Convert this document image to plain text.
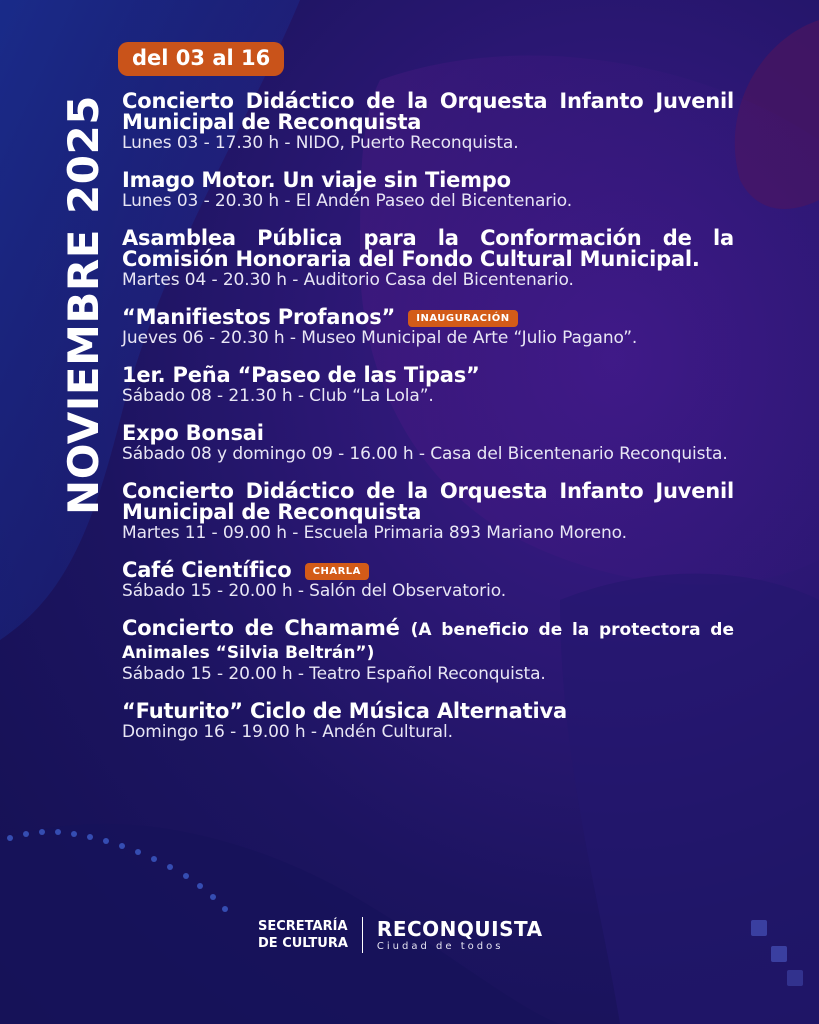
NOVIEMBRE 2025
del 03 al 16
Concierto Didáctico de la Orquesta Infanto Juvenil Municipal de Reconquista
Lunes 03 - 17.30 h - NIDO, Puerto Reconquista.
Imago Motor. Un viaje sin Tiempo
Lunes 03 - 20.30 h - El Andén Paseo del Bicentenario.
Asamblea Pública para la Conformación de la Comisión Honoraria del Fondo Cultural Municipal.
Martes 04 - 20.30 h - Auditorio Casa del Bicentenario.
“Manifiestos Profanos” INAUGURACIÓN
Jueves 06 - 20.30 h - Museo Municipal de Arte “Julio Pagano”.
1er. Peña “Paseo de las Tipas”
Sábado 08 - 21.30 h - Club “La Lola”.
Expo Bonsai
Sábado 08 y domingo 09 - 16.00 h - Casa del Bicentenario Reconquista.
Concierto Didáctico de la Orquesta Infanto Juvenil Municipal de Reconquista
Martes 11 - 09.00 h - Escuela Primaria 893 Mariano Moreno.
Café Científico CHARLA
Sábado 15 - 20.00 h - Salón del Observatorio.
Concierto de Chamamé (A beneficio de la protectora de Animales “Silvia Beltrán”)
Sábado 15 - 20.00 h - Teatro Español Reconquista.
“Futurito” Ciclo de Música Alternativa
Domingo 16 - 19.00 h - Andén Cultural.
SECRETARÍA
DE CULTURA
RECONQUISTA
Ciudad de todos
